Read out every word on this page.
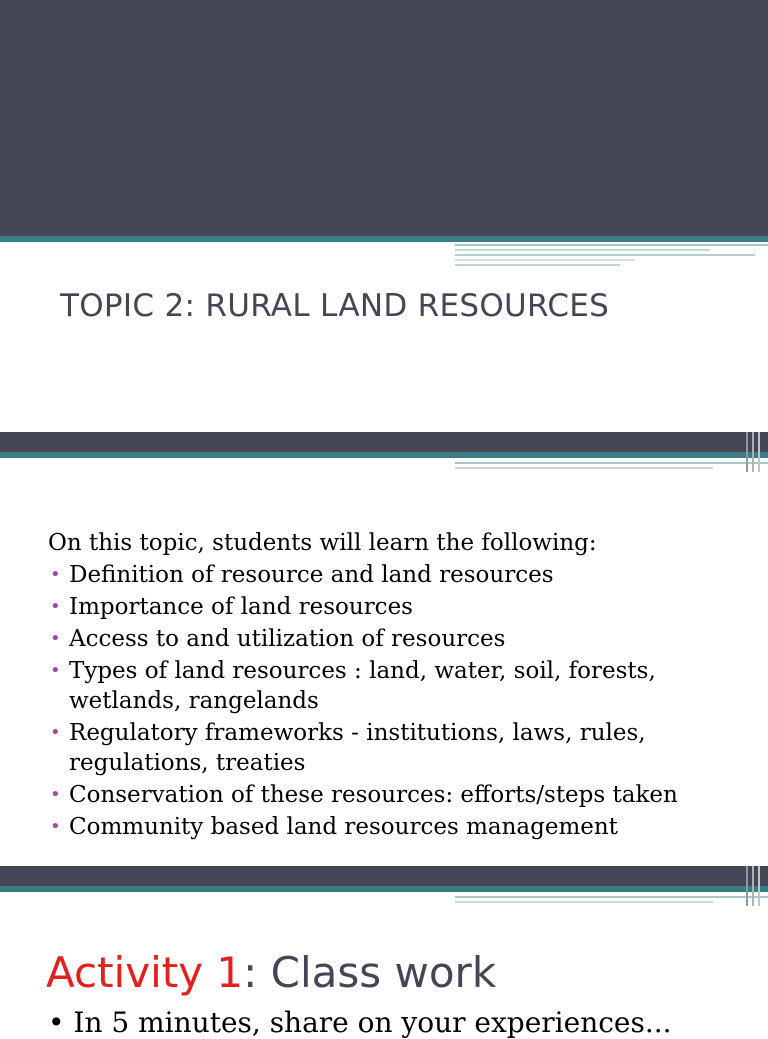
TOPIC 2: RURAL LAND RESOURCES
On this topic, students will learn the following:
• Definition of resource and land resources
• Importance of land resources
• Access to and utilization of resources
• Types of land resources : land, water, soil, forests, wetlands, rangelands
• Regulatory frameworks - institutions, laws, rules, regulations, treaties
• Conservation of these resources: efforts/steps taken
• Community based land resources management
Activity 1: Class work
• In 5 minutes, share on your experiences...
